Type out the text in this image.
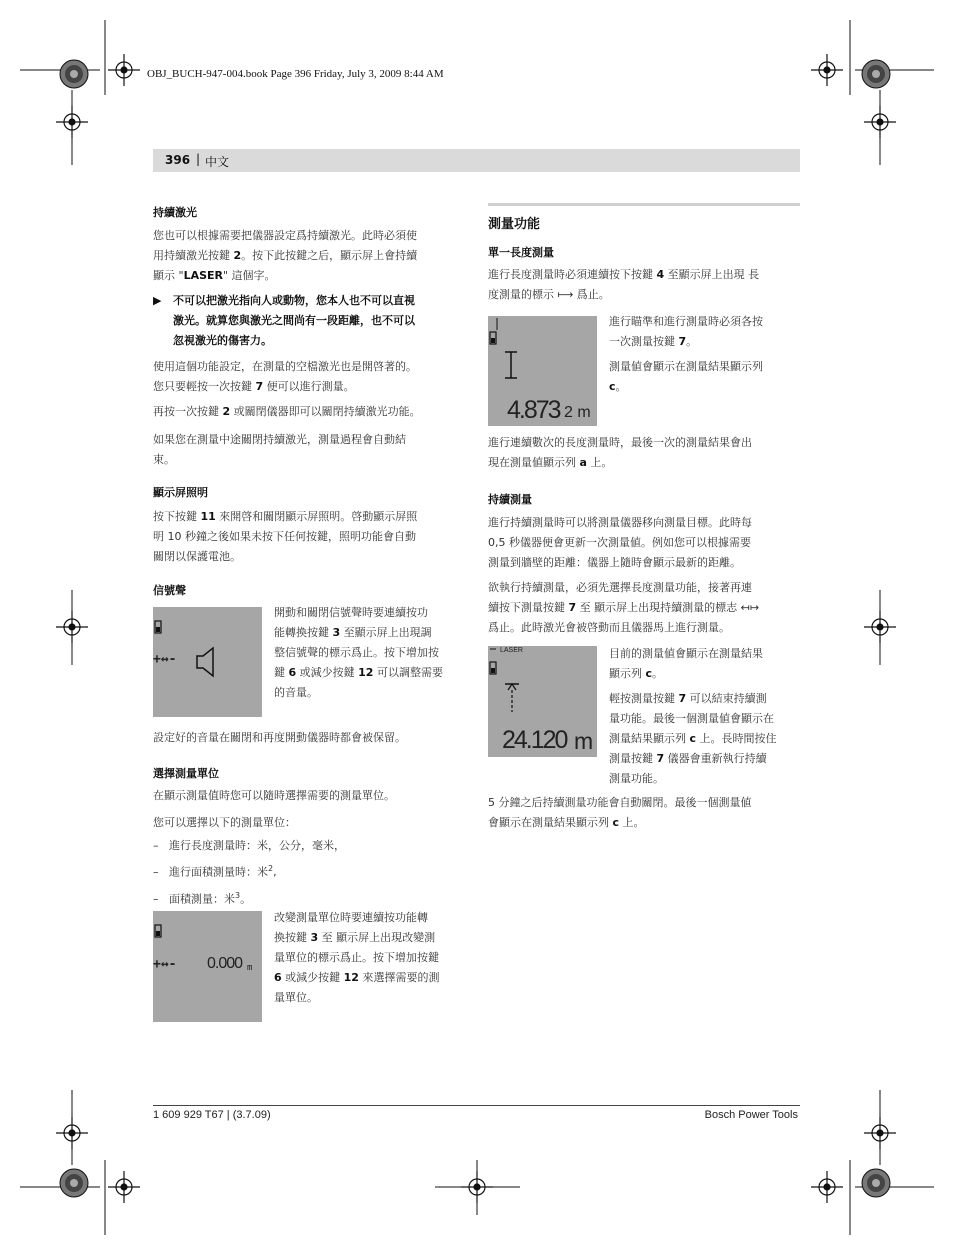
OBJ_BUCH-947-004.book Page 396 Friday, July 3, 2009 8:44 AM
396 | 中文
持續激光
您也可以根據需要把儀器設定爲持續激光。此時必須使
用持續激光按鍵 2。按下此按鍵之后，顯示屏上會持續
顯示 "LASER" 這個字。
▶ 不可以把激光指向人或動物，您本人也不可以直視
激光。就算您與激光之間尚有一段距離，也不可以
忽視激光的傷害力。
使用這個功能設定，在測量的空檔激光也是開啓著的。
您只要輕按一次按鍵 7 便可以進行測量。
再按一次按鍵 2 或關閉儀器即可以關閉持續激光功能。
如果您在測量中途關閉持續激光，測量過程會自動結
束。
顯示屏照明
按下按鍵 11 來開啓和關閉顯示屏照明。啓動顯示屏照
明 10 秒鐘之後如果未按下任何按鍵，照明功能會自動
關閉以保護電池。
信號聲
+↔-
開動和關閉信號聲時要連續按功
能轉換按鍵 3 至顯示屏上出現調
整信號聲的標示爲止。按下增加按
鍵 6 或減少按鍵 12 可以調整需要
的音量。
設定好的音量在關閉和再度開動儀器時都會被保留。
選擇測量單位
在顯示測量值時您可以隨時選擇需要的測量單位。
您可以選擇以下的測量單位：
– 進行長度測量時：米，公分，毫米，
– 進行面積測量時：米$^2$,
– 面積測量：米$^3$。
+↔- 0.000 m
改變測量單位時要連續按功能轉
換按鍵 3 至 顯示屏上出現改變測
量單位的標示爲止。按下增加按鍵
6 或減少按鍵 12 來選擇需要的測
量單位。
測量功能
單一長度測量
進行長度測量時必須連續按下按鍵 4 至顯示屏上出現 長
度測量的標示 ⟼ 爲止。
4.873 2 m
進行瞄準和進行測量時必須各按
一次測量按鍵 7。
測量値會顯示在測量結果顯示列
c。
進行連續數次的長度測量時，最後一次的測量結果會出
現在測量値顯示列 a 上。
持續測量
進行持續測量時可以將測量儀器移向測量目標。此時每
0,5 秒儀器便會更新一次測量値。例如您可以根據需要
測量到牆壁的距離：儀器上隨時會顯示最新的距離。
欲執行持續測量，必須先選擇長度測量功能，接著再連
續按下測量按鍵 7 至 顯示屏上出現持續測量的標志 ↤↦
爲止。此時激光會被啓動而且儀器馬上進行測量。
LASER
24.120 m
目前的測量値會顯示在測量結果
顯示列 c。
輕按測量按鍵 7 可以結束持續測
量功能。最後一個測量値會顯示在
測量結果顯示列 c 上。長時間按住
測量按鍵 7 儀器會重新執行持續
測量功能。
5 分鐘之后持續測量功能會自動關閉。最後一個測量値
會顯示在測量結果顯示列 c 上。
1 609 929 T67 | (3.7.09)	Bosch Power Tools
